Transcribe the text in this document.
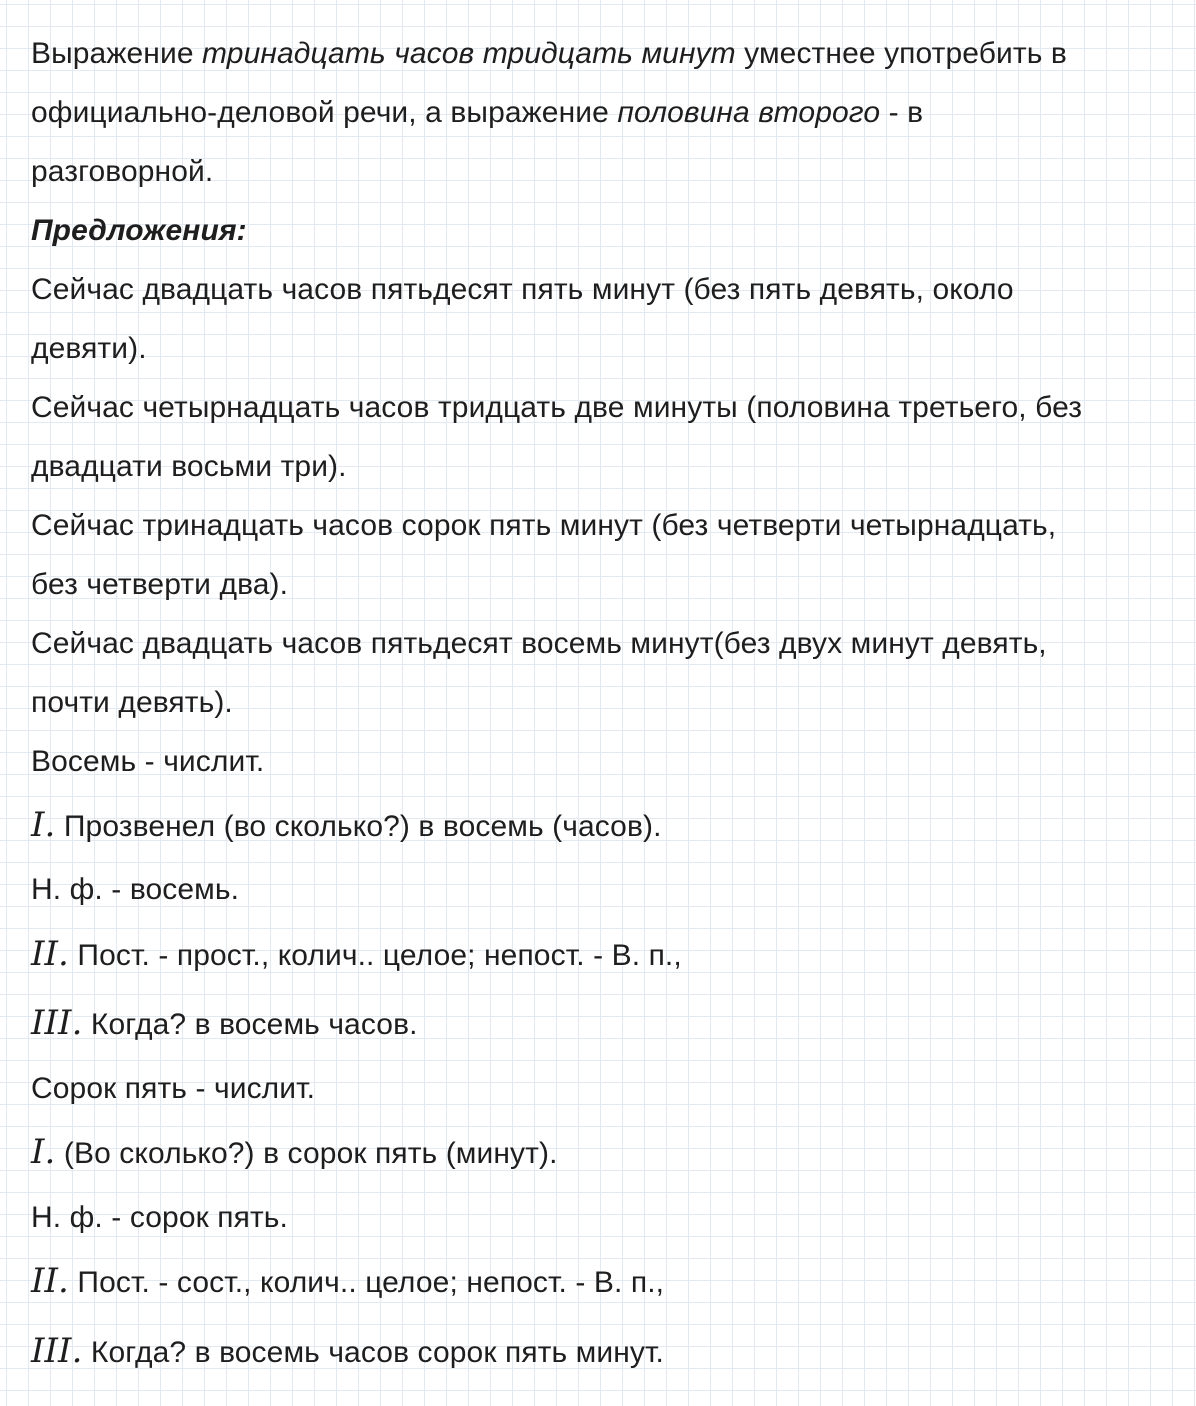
Выражение тринадцать часов тридцать минут уместнее употребить в
официально-деловой речи, а выражение половина второго - в
разговорной.
Предложения:
Сейчас двадцать часов пятьдесят пять минут (без пять девять, около
девяти).
Сейчас четырнадцать часов тридцать две минуты (половина третьего, без
двадцати восьми три).
Сейчас тринадцать часов сорок пять минут (без четверти четырнадцать,
без четверти два).
Сейчас двадцать часов пятьдесят восемь минут(без двух минут девять,
почти девять).
Восемь - числит.
I. Прозвенел (во сколько?) в восемь (часов).
Н. ф. - восемь.
II. Пост. - прост., колич.. целое; непост. - В. п.,
III. Когда? в восемь часов.
Сорок пять - числит.
I. (Во сколько?) в сорок пять (минут).
Н. ф. - сорок пять.
II. Пост. - сост., колич.. целое; непост. - В. п.,
III. Когда? в восемь часов сорок пять минут.
